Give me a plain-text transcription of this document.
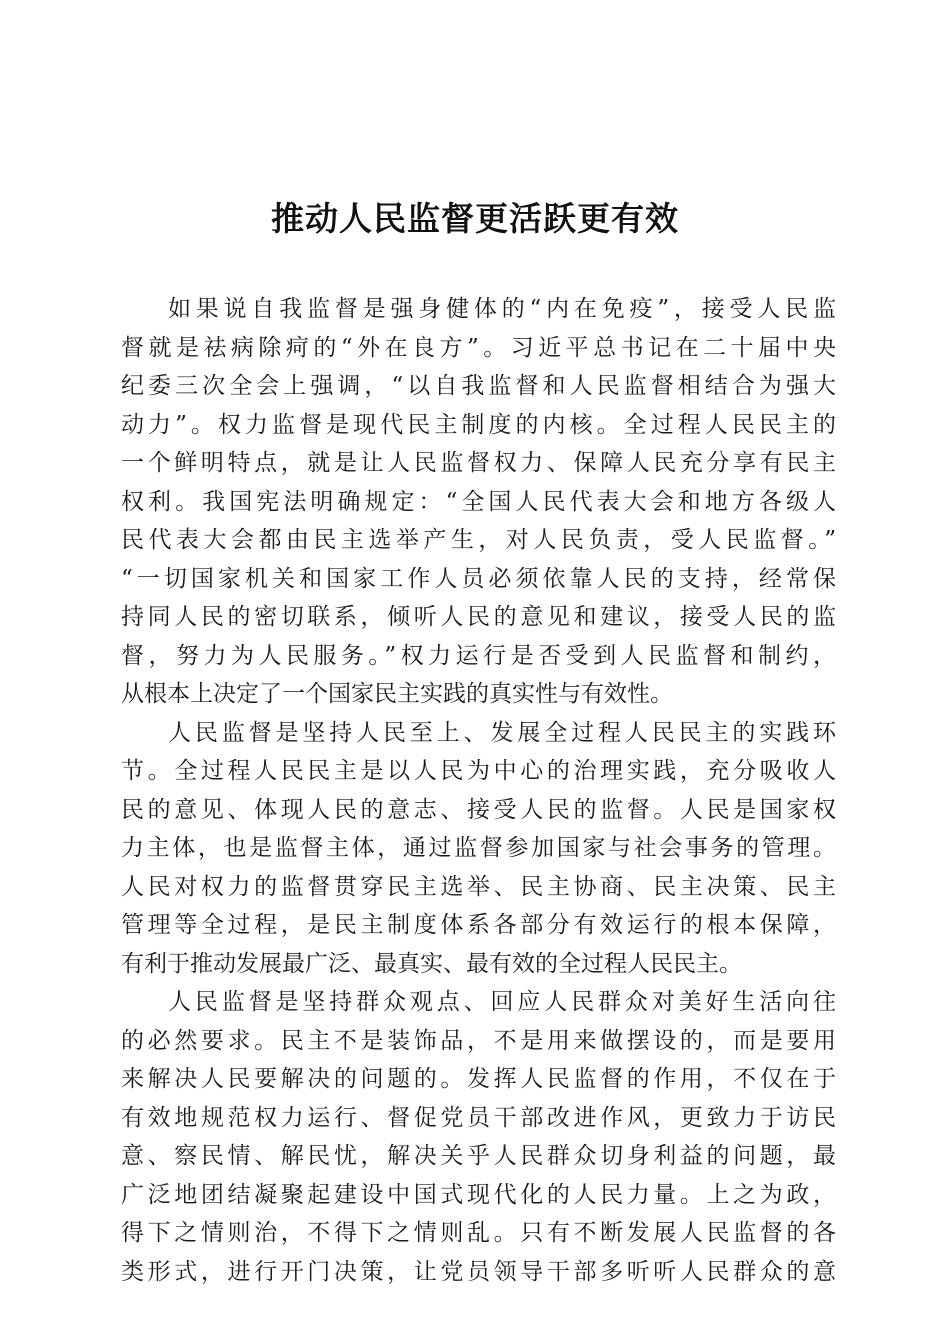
推动人民监督更活跃更有效
如果说自我监督是强身健体的“内在免疫”，接受人民监
督就是祛病除疴的“外在良方”。习近平总书记在二十届中央
纪委三次全会上强调，“以自我监督和人民监督相结合为强大
动力”。权力监督是现代民主制度的内核。全过程人民民主的
一个鲜明特点，就是让人民监督权力、保障人民充分享有民主
权利。我国宪法明确规定：“全国人民代表大会和地方各级人
民代表大会都由民主选举产生，对人民负责，受人民监督。”
“一切国家机关和国家工作人员必须依靠人民的支持，经常保
持同人民的密切联系，倾听人民的意见和建议，接受人民的监
督，努力为人民服务。”权力运行是否受到人民监督和制约，
从根本上决定了一个国家民主实践的真实性与有效性。
人民监督是坚持人民至上、发展全过程人民民主的实践环
节。全过程人民民主是以人民为中心的治理实践，充分吸收人
民的意见、体现人民的意志、接受人民的监督。人民是国家权
力主体，也是监督主体，通过监督参加国家与社会事务的管理。
人民对权力的监督贯穿民主选举、民主协商、民主决策、民主
管理等全过程，是民主制度体系各部分有效运行的根本保障，
有利于推动发展最广泛、最真实、最有效的全过程人民民主。
人民监督是坚持群众观点、回应人民群众对美好生活向往
的必然要求。民主不是装饰品，不是用来做摆设的，而是要用
来解决人民要解决的问题的。发挥人民监督的作用，不仅在于
有效地规范权力运行、督促党员干部改进作风，更致力于访民
意、察民情、解民忧，解决关乎人民群众切身利益的问题，最
广泛地团结凝聚起建设中国式现代化的人民力量。上之为政，
得下之情则治，不得下之情则乱。只有不断发展人民监督的各
类形式，进行开门决策，让党员领导干部多听听人民群众的意
